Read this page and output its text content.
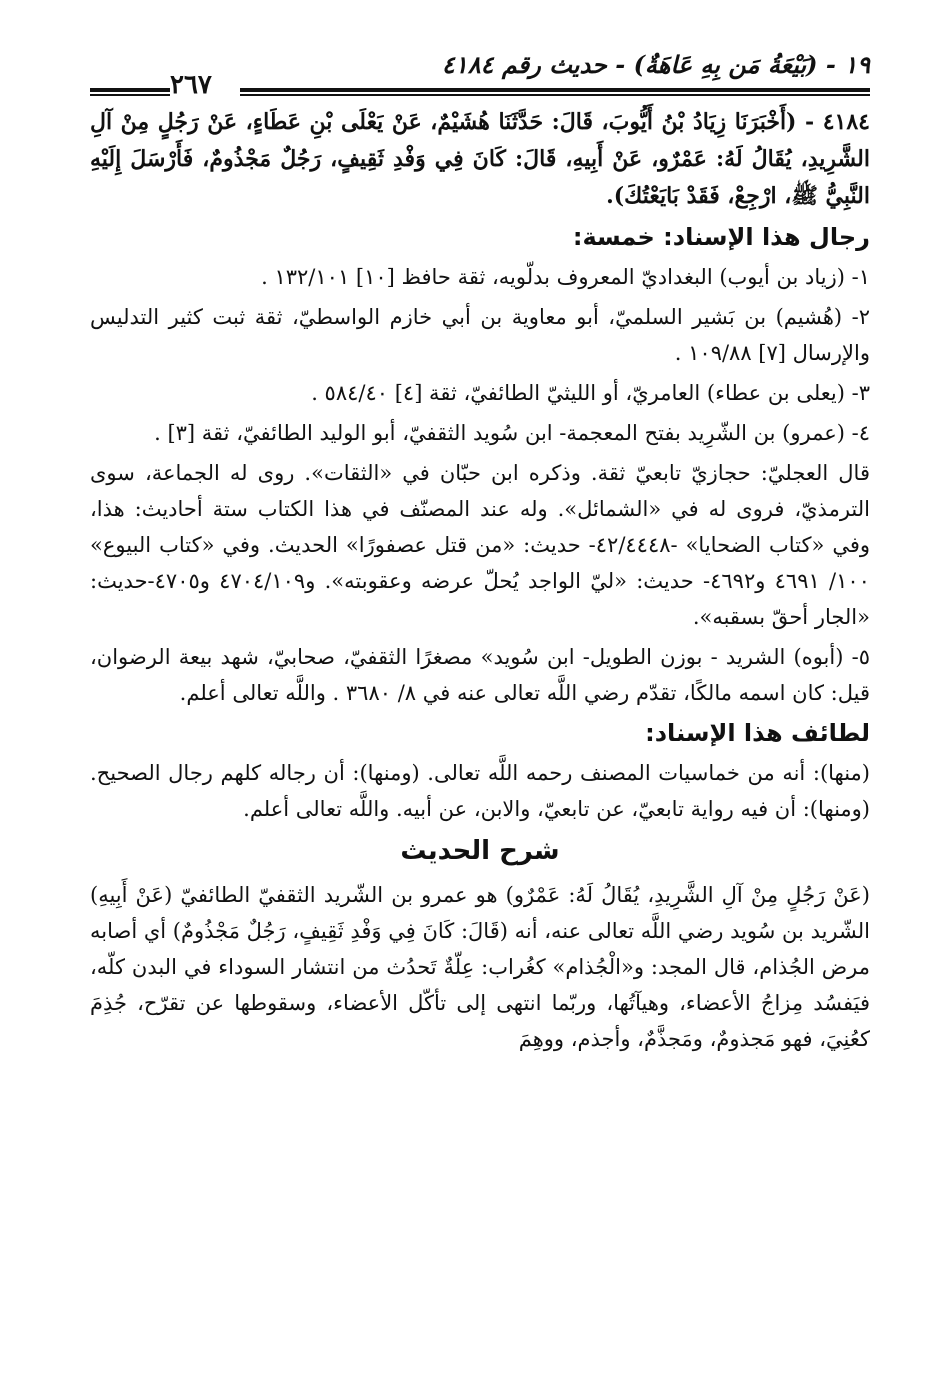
١٩ - (بَيْعَةُ مَن بِهِ عَاهَةٌ) - حديث رقم ٤١٨٤
٢٦٧

٤١٨٤ - (أَخْبَرَنَا زِيَادُ بْنُ أَيُّوبَ، قَالَ: حَدَّثَنَا هُشَيْمٌ، عَنْ يَعْلَى بْنِ عَطَاءٍ، عَنْ رَجُلٍ مِنْ آلِ الشَّرِيدِ، يُقَالُ لَهُ: عَمْرٌو، عَنْ أَبِيهِ، قَالَ: كَانَ فِي وَفْدِ ثَقِيفٍ، رَجُلٌ مَجْذُومٌ، فَأَرْسَلَ إِلَيْهِ النَّبِيُّ ﷺ، ارْجِعْ، فَقَدْ بَايَعْتُكَ).

رجال هذا الإسناد: خمسة:

١- (زياد بن أيوب) البغداديّ المعروف بدلّويه، ثقة حافظ [١٠] ١٣٢/١٠١ .

٢- (هُشيم) بن بَشير السلميّ، أبو معاوية بن أبي خازم الواسطيّ، ثقة ثبت كثير التدليس والإرسال [٧] ١٠٩/٨٨ .

٣- (يعلى بن عطاء) العامريّ، أو الليثيّ الطائفيّ، ثقة [٤] ٥٨٤/٤٠ .

٤- (عمرو) بن الشّرِيد بفتح المعجمة- ابن سُويد الثقفيّ، أبو الوليد الطائفيّ، ثقة [٣] .

قال العجليّ: حجازيّ تابعيّ ثقة. وذكره ابن حبّان في «الثقات». روى له الجماعة، سوى الترمذيّ، فروى له في «الشمائل». وله عند المصنّف في هذا الكتاب ستة أحاديث: هذا، وفي «كتاب الضحايا» -٤٢/٤٤٤٨- حديث: «من قتل عصفورًا» الحديث. وفي «كتاب البيوع» ١٠٠/ ٤٦٩١ و٤٦٩٢- حديث: «ليّ الواجد يُحلّ عرضه وعقوبته». و٤٧٠٤/١٠٩ و٤٧٠٥-حديث: «الجار أحقّ بسقبه».

٥- (أبوه) الشريد - بوزن الطويل- ابن سُويد» مصغرًا الثقفيّ، صحابيّ، شهد بيعة الرضوان، قيل: كان اسمه مالكًا، تقدّم رضي اللَّه تعالى عنه في ٨/ ٣٦٨٠ . واللَّه تعالى أعلم.

لطائف هذا الإسناد:

(منها): أنه من خماسيات المصنف رحمه اللَّه تعالى. (ومنها): أن رجاله كلهم رجال الصحيح. (ومنها): أن فيه رواية تابعيّ، عن تابعيّ، والابن، عن أبيه. واللَّه تعالى أعلم.

شرح الحديث

(عَنْ رَجُلٍ مِنْ آلِ الشَّرِيدِ، يُقَالُ لَهُ: عَمْرٌو) هو عمرو بن الشّريد الثقفيّ الطائفيّ (عَنْ أَبِيهِ) الشّريد بن سُويد رضي اللَّه تعالى عنه، أنه (قَالَ: كَانَ فِي وَفْدِ ثَقِيفٍ، رَجُلٌ مَجْذُومٌ) أي أصابه مرض الجُذام، قال المجد: و«الْجُذام» كغُراب: عِلّةٌ تَحدُث من انتشار السوداء في البدن كلّه، فيَفسُد مِزاجُ الأعضاء، وهيآتُها، وربّما انتهى إلى تأكّل الأعضاء، وسقوطها عن تقرّح، جُذِمَ كعُنِيَ، فهو مَجذومٌ، ومَجذَّمٌ، وأجذم، ووهِمَ
